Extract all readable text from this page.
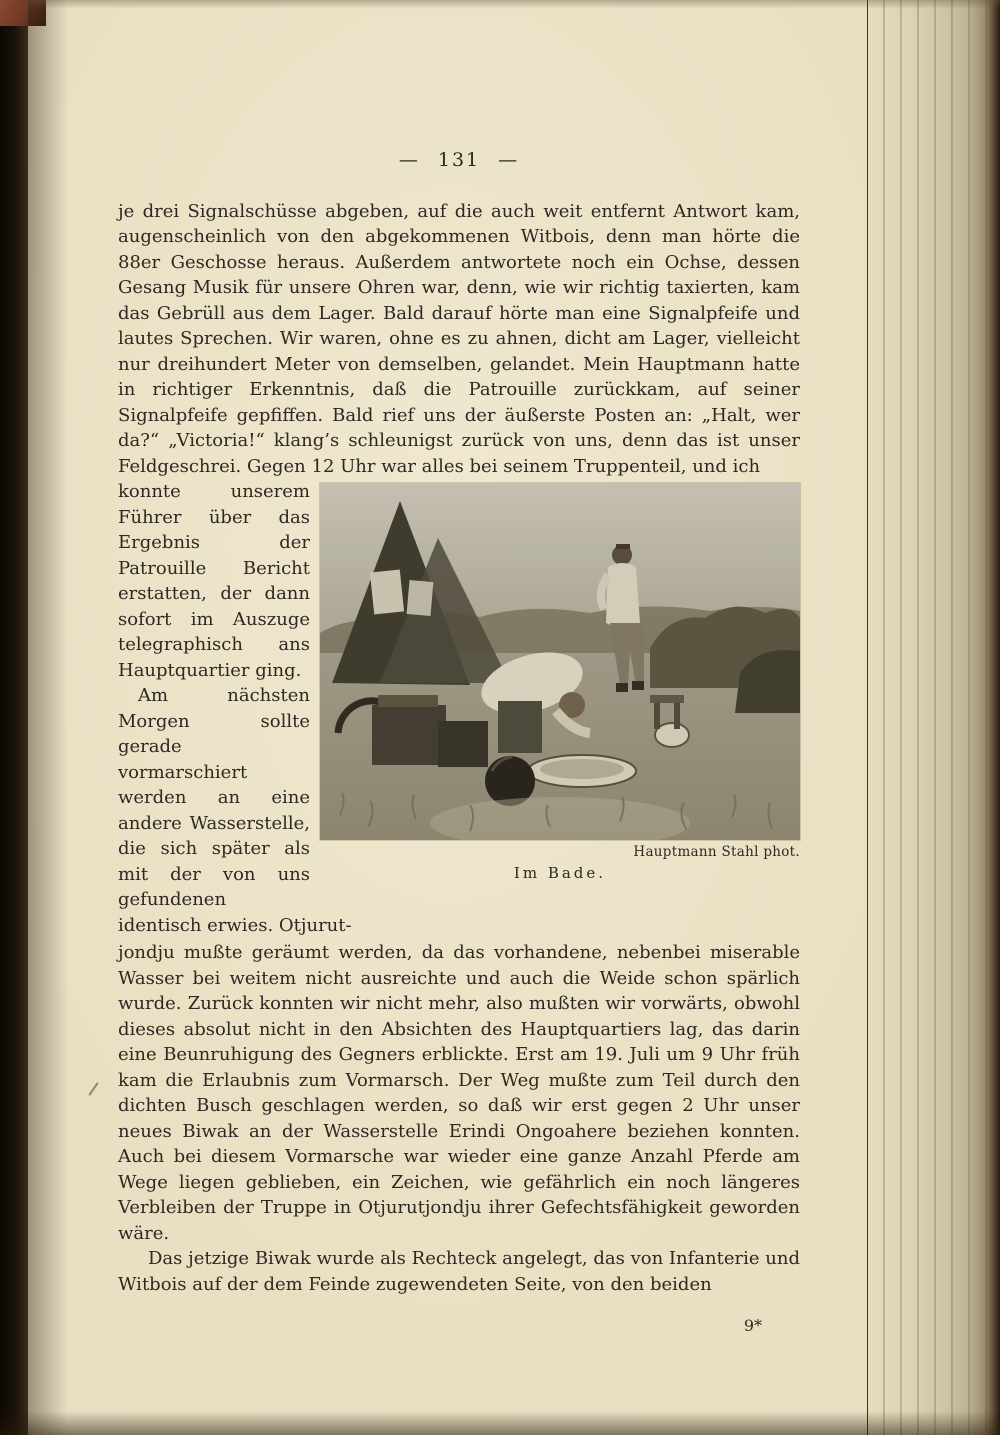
— 131 —

je drei Signalschüsse abgeben, auf die auch weit entfernt Antwort kam, augenscheinlich von den abgekommenen Witbois, denn man hörte die 88er Geschosse heraus. Außerdem antwortete noch ein Ochse, dessen Gesang Musik für unsere Ohren war, denn, wie wir richtig taxierten, kam das Gebrüll aus dem Lager. Bald darauf hörte man eine Signalpfeife und lautes Sprechen. Wir waren, ohne es zu ahnen, dicht am Lager, vielleicht nur dreihundert Meter von demselben, gelandet. Mein Hauptmann hatte in richtiger Erkenntnis, daß die Patrouille zurückkam, auf seiner Signalpfeife gepfiffen. Bald rief uns der äußerste Posten an: „Halt, wer da?“ „Victoria!“ klang’s schleunigst zurück von uns, denn das ist unser Feldgeschrei. Gegen 12 Uhr war alles bei seinem Truppenteil, und ich

Hauptmann Stahl phot.
Im Bade.

konnte unserem Führer über das Ergebnis der Patrouille Bericht erstatten, der dann sofort im Auszuge telegraphisch ans Hauptquartier ging.

Am nächsten Morgen sollte gerade vormarschiert werden an eine andere Wasserstelle, die sich später als mit der von uns gefundenen identisch erwies. Otjurut-

jondju mußte geräumt werden, da das vorhandene, nebenbei miserable Wasser bei weitem nicht ausreichte und auch die Weide schon spärlich wurde. Zurück konnten wir nicht mehr, also mußten wir vorwärts, obwohl dieses absolut nicht in den Absichten des Hauptquartiers lag, das darin eine Beunruhigung des Gegners erblickte. Erst am 19. Juli um 9 Uhr früh kam die Erlaubnis zum Vormarsch. Der Weg mußte zum Teil durch den dichten Busch geschlagen werden, so daß wir erst gegen 2 Uhr unser neues Biwak an der Wasserstelle Erindi Ongoahere beziehen konnten. Auch bei diesem Vormarsche war wieder eine ganze Anzahl Pferde am Wege liegen geblieben, ein Zeichen, wie gefährlich ein noch längeres Verbleiben der Truppe in Otjurutjondju ihrer Gefechtsfähigkeit geworden wäre.

Das jetzige Biwak wurde als Rechteck angelegt, das von Infanterie und Witbois auf der dem Feinde zugewendeten Seite, von den beiden

9*
